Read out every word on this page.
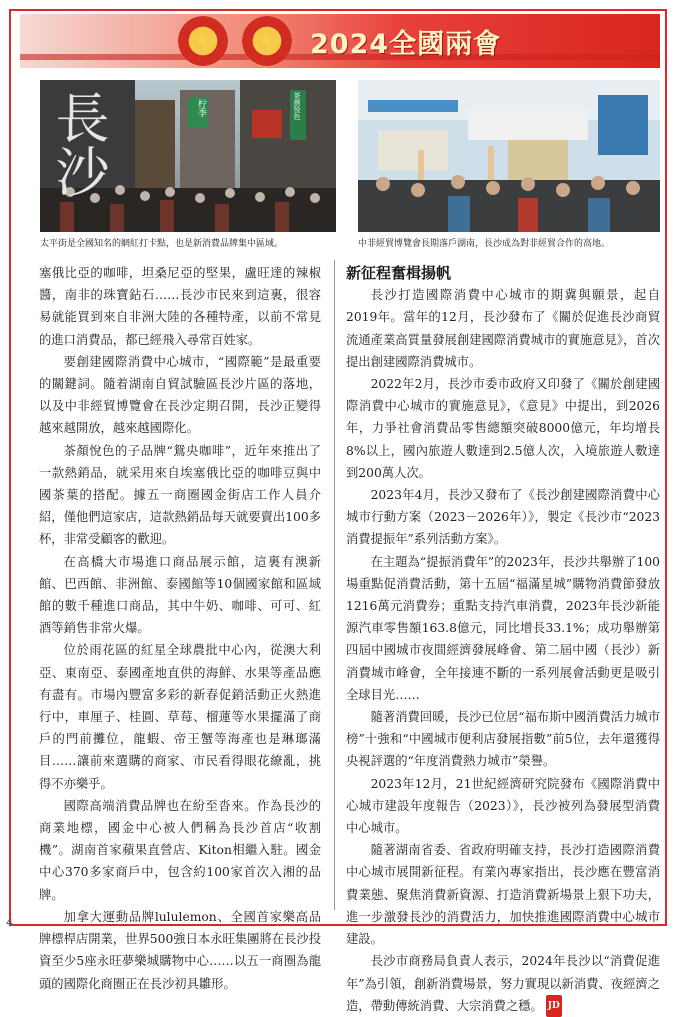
★	★ 2024全國兩會
長沙	柠季	茶颜悦色
太平街是全國知名的網紅打卡點，也是新消費品牌集中區域。	中非經貿博覽會長期落戶湖南，長沙成為對非經貿合作的高地。

塞俄比亞的咖啡，坦桑尼亞的堅果，盧旺達的辣椒醬，南非的珠寶鉆石……長沙市民來到這裏，很容易就能買到來自非洲大陸的各種特產，以前不常見的進口消費品，都已經飛入尋常百姓家。

要創建國際消費中心城市，“國際範”是最重要的關鍵詞。隨着湖南自貿試驗區長沙片區的落地，以及中非經貿博覽會在長沙定期召開，長沙正變得越來越開放，越來越國際化。

茶顏悅色的子品牌“鴛央咖啡”，近年來推出了一款熱銷品，就采用來自埃塞俄比亞的咖啡豆與中國茶葉的搭配。據五一商圈國金街店工作人員介紹，僅他們這家店，這款熱銷品每天就要賣出100多杯，非常受顧客的歡迎。

在高橋大市場進口商品展示館，這裏有澳新館、巴西館、非洲館、泰國館等10個國家館和區域館的數千種進口商品，其中牛奶、咖啡、可可、紅酒等銷售非常火爆。

位於雨花區的紅星全球農批中心內，從澳大利亞、東南亞、泰國產地直供的海鮮、水果等產品應有盡有。市場內豐富多彩的新春促銷活動正火熱進行中，車厘子、桂圓、草莓、榴蓮等水果擺滿了商戶的門前攤位，龍蝦、帝王蟹等海產也是琳瑯滿目……讓前來選購的商家、市民看得眼花繚亂，挑得不亦樂乎。

國際高端消費品牌也在紛至沓來。作為長沙的商業地標，國金中心被人們稱為長沙首店“收割機”。湖南首家蘋果直營店、Kiton相繼入駐。國金中心370多家商戶中，包含約100家首次入湘的品牌。

加拿大運動品牌lululemon、全國首家樂高品牌標桿店開業，世界500強日本永旺集團將在長沙投資至少5座永旺夢樂城購物中心……以五一商圈為龍頭的國際化商圈正在長沙初具雛形。

新征程奮楫揚帆

長沙打造國際消費中心城市的期冀與願景，起自2019年。當年的12月，長沙發布了《關於促進長沙商貿流通產業高質量發展創建國際消費城市的實施意見》，首次提出創建國際消費城市。

2022年2月，長沙市委市政府又印發了《關於創建國際消費中心城市的實施意見》，《意見》中提出，到2026年，力爭社會消費品零售總額突破8000億元，年均增長8%以上，國內旅遊人數達到2.5億人次，入境旅遊人數達到200萬人次。

2023年4月，長沙又發布了《長沙創建國際消費中心城市行動方案（2023－2026年）》，製定《長沙市“2023消費提振年”系列活動方案》。

在主題為“提振消費年”的2023年，長沙共舉辦了100場重點促消費活動，第十五屆“福滿星城”購物消費節發放1216萬元消費券；重點支持汽車消費，2023年長沙新能源汽車零售額163.8億元，同比增長33.1%；成功舉辦第四屆中國城市夜間經濟發展峰會、第二屆中國（長沙）新消費城市峰會，全年接連不斷的一系列展會活動更是吸引全球目光……

隨著消費回暖，長沙已位居“福布斯中國消費活力城市榜”十強和“中國城市便利店發展指數”前5位，去年還獲得央視評選的“年度消費熱力城市”榮譽。

2023年12月，21世紀經濟研究院發布《國際消費中心城市建設年度報告（2023）》，長沙被列為發展型消費中心城市。

隨著湖南省委、省政府明確支持，長沙打造國際消費中心城市展開新征程。有業內專家指出，長沙應在豐富消費業態、聚焦消費新資源、打造消費新場景上狠下功夫，進一步激發長沙的消費活力，加快推進國際消費中心城市建設。

長沙市商務局負責人表示，2024年長沙以“消費促進年”為引領，創新消費場景，努力實現以新消費、夜經濟之造，帶動傳統消費、大宗消費之穩。 JD

4
